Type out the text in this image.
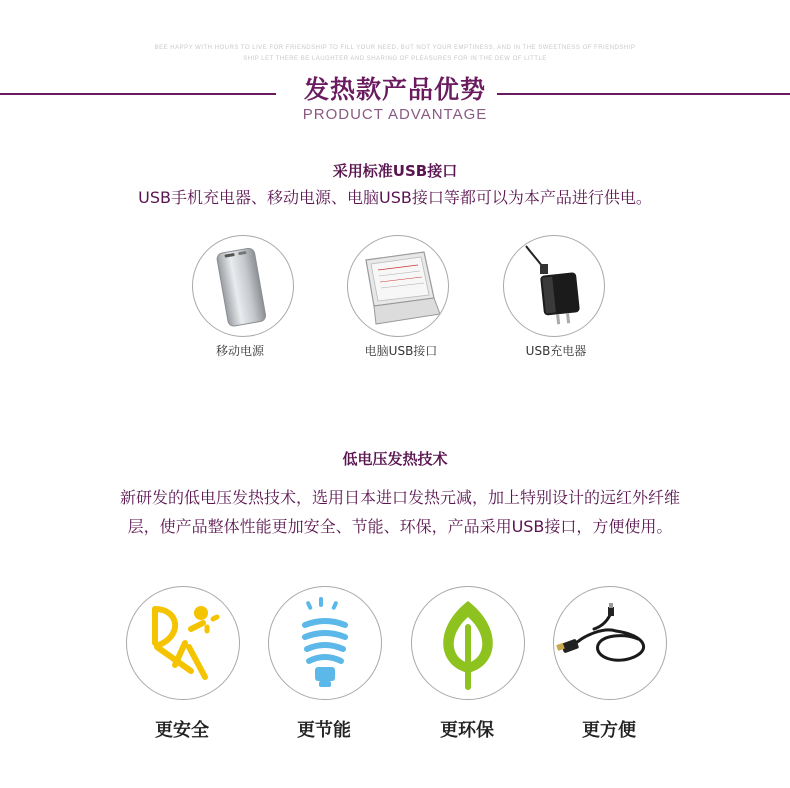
BEE HAPPY WITH HOURS TO LIVE FOR FRIENDSHIP TO FILL YOUR NEED, BUT NOT YOUR EMPTINESS. AND IN THE SWEETNESS OF FRIENDSHIP
SHIP LET THERE BE LAUGHTER AND SHARING OF PLEASURES FOR IN THE DEW OF LITTLE
发热款产品优势
PRODUCT ADVANTAGE
采用标准USB接口
USB手机充电器、移动电源、电脑USB接口等都可以为本产品进行供电。
移动电源	电脑USB接口	USB充电器
低电压发热技术
新研发的低电压发热技术，选用日本进口发热元减，加上特别设计的远红外纤维
层，使产品整体性能更加安全、节能、环保，产品采用USB接口，方便使用。
更安全	更节能	更环保	更方便
